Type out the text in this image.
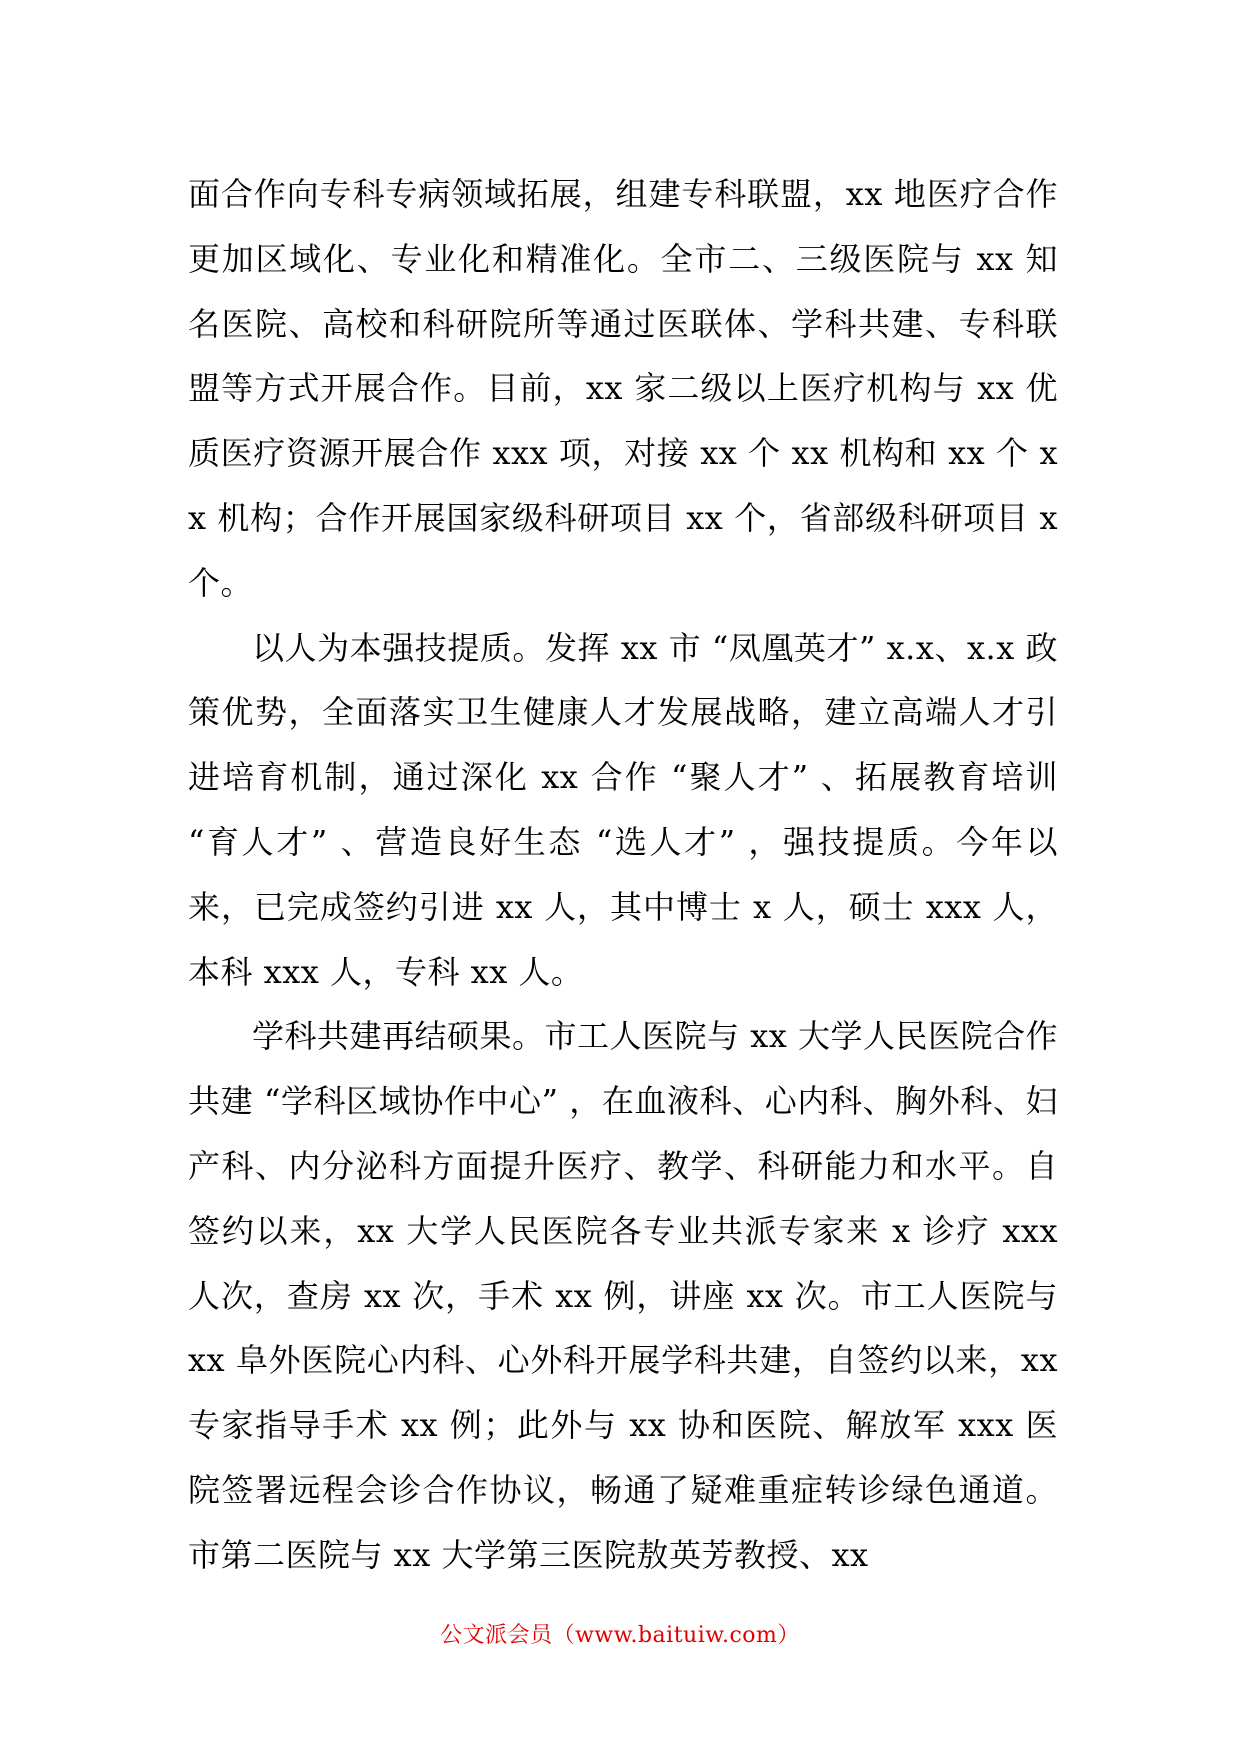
面合作向专科专病领域拓展，组建专科联盟，xx 地医疗合作更加区域化、专业化和精准化。全市二、三级医院与 xx 知名医院、高校和科研院所等通过医联体、学科共建、专科联盟等方式开展合作。目前，xx 家二级以上医疗机构与 xx 优质医疗资源开展合作 xxx 项，对接 xx 个 xx 机构和 xx 个 xx 机构；合作开展国家级科研项目 xx 个，省部级科研项目 x 个。

以人为本强技提质。发挥 xx 市 “凤凰英才” x.x、x.x 政策优势，全面落实卫生健康人才发展战略，建立高端人才引进培育机制，通过深化 xx 合作 “聚人才” 、拓展教育培训 “育人才” 、营造良好生态 “选人才” ，强技提质。今年以来，已完成签约引进 xx 人，其中博士 x 人，硕士 xxx 人，本科 xxx 人，专科 xx 人。

学科共建再结硕果。市工人医院与 xx 大学人民医院合作共建 “学科区域协作中心” ，在血液科、心内科、胸外科、妇产科、内分泌科方面提升医疗、教学、科研能力和水平。自签约以来，xx 大学人民医院各专业共派专家来 x 诊疗 xxx 人次，查房 xx 次，手术 xx 例，讲座 xx 次。市工人医院与 xx 阜外医院心内科、心外科开展学科共建，自签约以来，xx 专家指导手术 xx 例；此外与 xx 协和医院、解放军 xxx 医院签署远程会诊合作协议，畅通了疑难重症转诊绿色通道。市第二医院与 xx 大学第三医院敖英芳教授、xx

公文派会员（www.baituiw.com）
